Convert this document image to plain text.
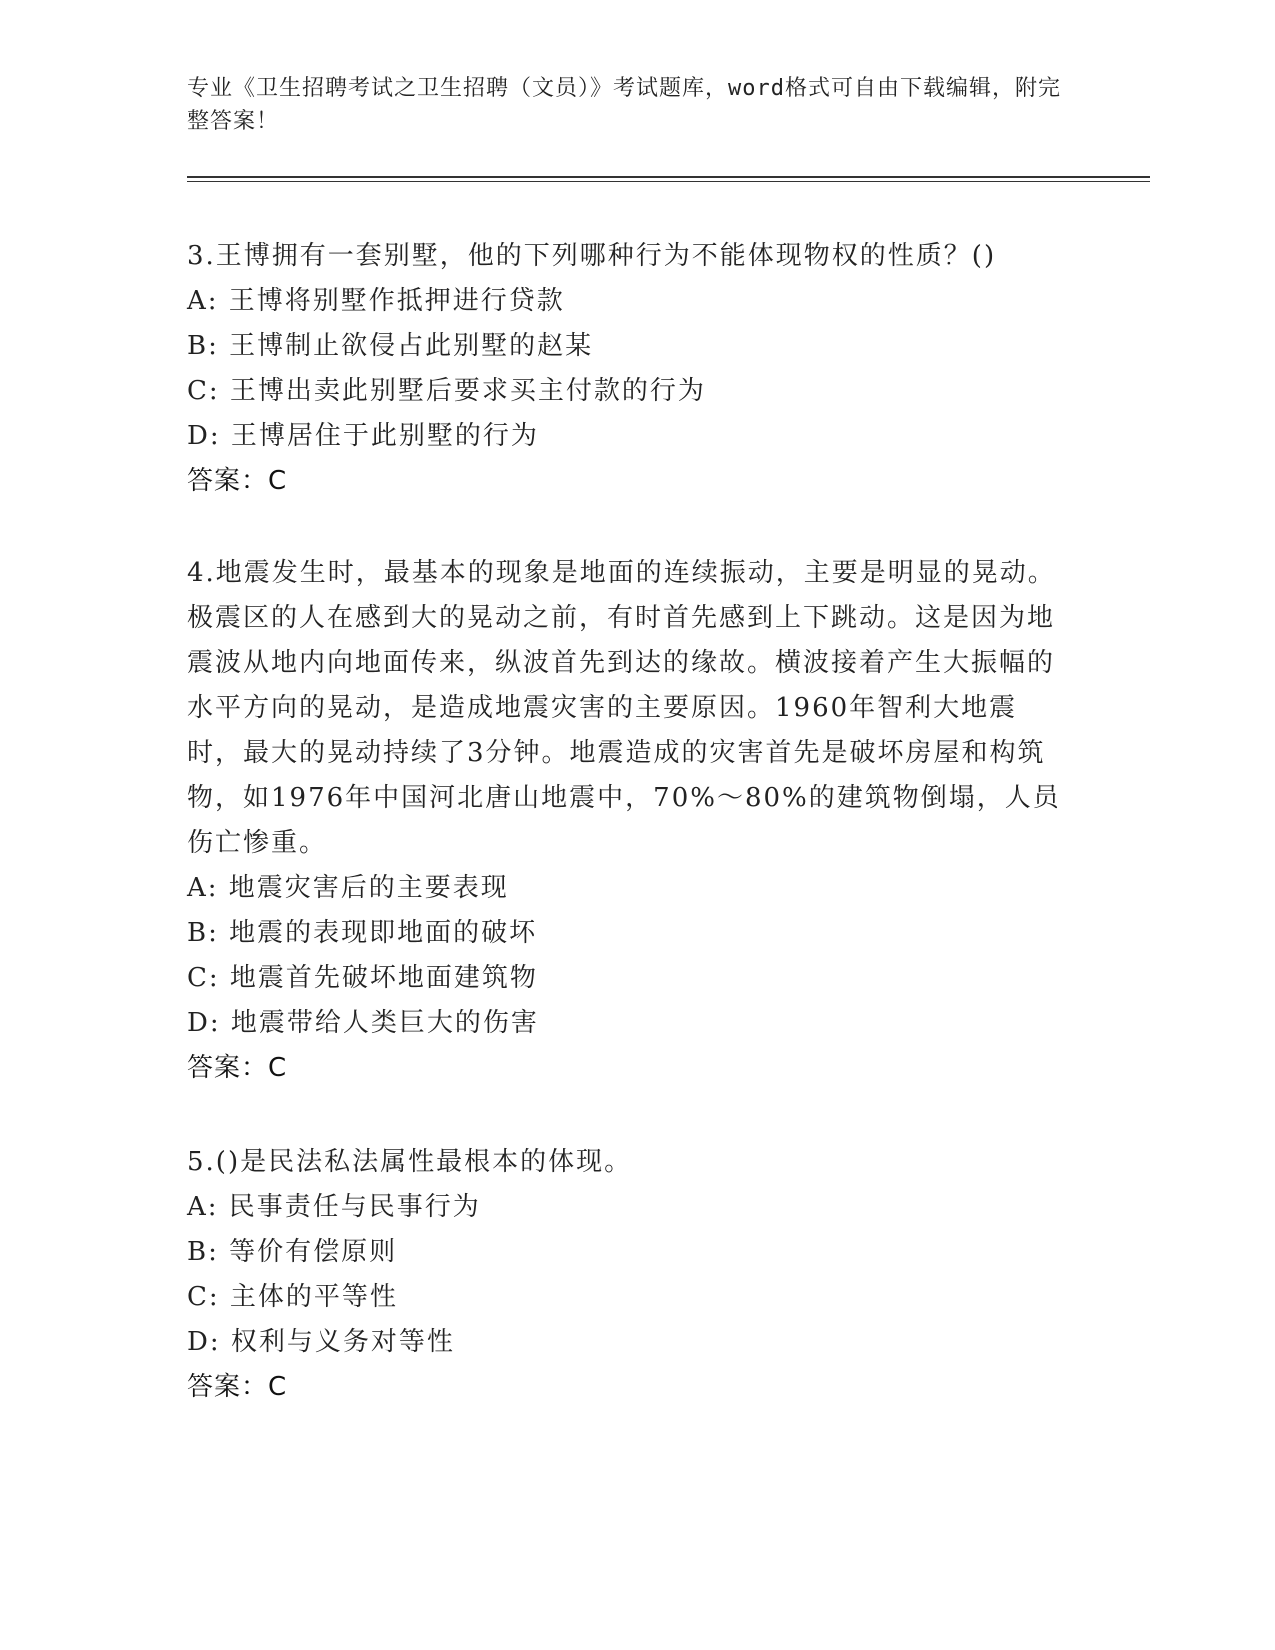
专业《卫生招聘考试之卫生招聘（文员）》考试题库，word格式可自由下载编辑，附完整答案！
3.王博拥有一套别墅，他的下列哪种行为不能体现物权的性质？()
A: 王博将别墅作抵押进行贷款
B: 王博制止欲侵占此别墅的赵某
C: 王博出卖此别墅后要求买主付款的行为
D: 王博居住于此别墅的行为
答案：C
4.地震发生时，最基本的现象是地面的连续振动，主要是明显的晃动。极震区的人在感到大的晃动之前，有时首先感到上下跳动。这是因为地震波从地内向地面传来，纵波首先到达的缘故。横波接着产生大振幅的水平方向的晃动，是造成地震灾害的主要原因。1960年智利大地震时，最大的晃动持续了3分钟。地震造成的灾害首先是破坏房屋和构筑物，如1976年中国河北唐山地震中，70%～80%的建筑物倒塌，人员伤亡惨重。
A: 地震灾害后的主要表现
B: 地震的表现即地面的破坏
C: 地震首先破坏地面建筑物
D: 地震带给人类巨大的伤害
答案：C
5.()是民法私法属性最根本的体现。
A: 民事责任与民事行为
B: 等价有偿原则
C: 主体的平等性
D: 权利与义务对等性
答案：C
